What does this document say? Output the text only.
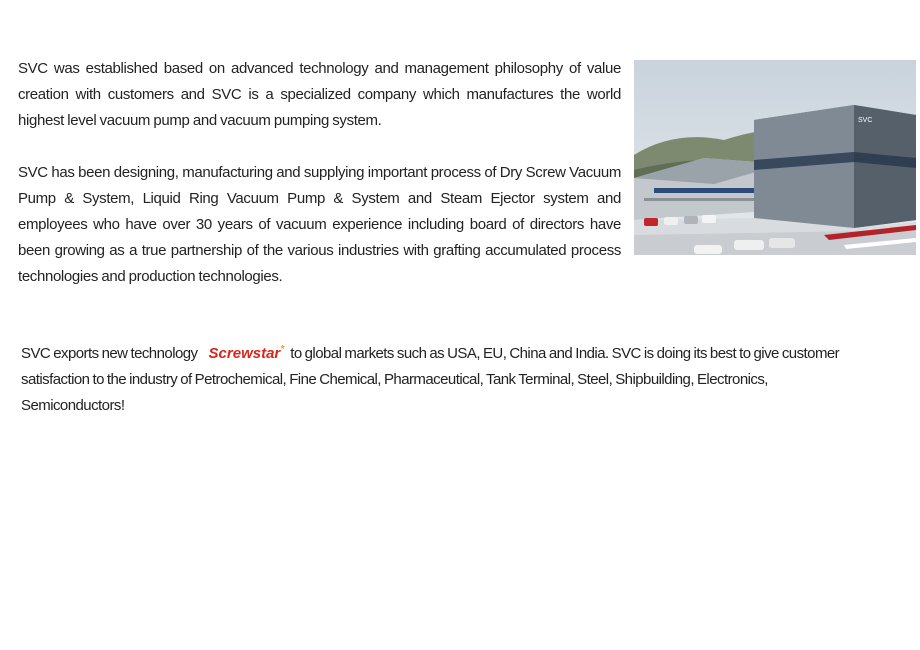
SVC was established based on advanced technology and management philosophy of value creation with customers and SVC is a specialized company which manufactures the world highest level vacuum pump and vacuum pumping system.

SVC has been designing, manufacturing and supplying important process of Dry Screw Vacuum Pump & System, Liquid Ring Vacuum Pump & System and Steam Ejector system and employees who have over 30 years of vacuum experience including board of directors have been growing as a true partnership of the various industries with grafting accumulated process technologies and production technologies.

SVC

SVC exports new technology Screwstar* to global markets such as USA, EU, China and India. SVC is doing its best to give customer satisfaction to the industry of Petrochemical, Fine Chemical, Pharmaceutical, Tank Terminal, Steel, Shipbuilding, Electronics, Semiconductors!
